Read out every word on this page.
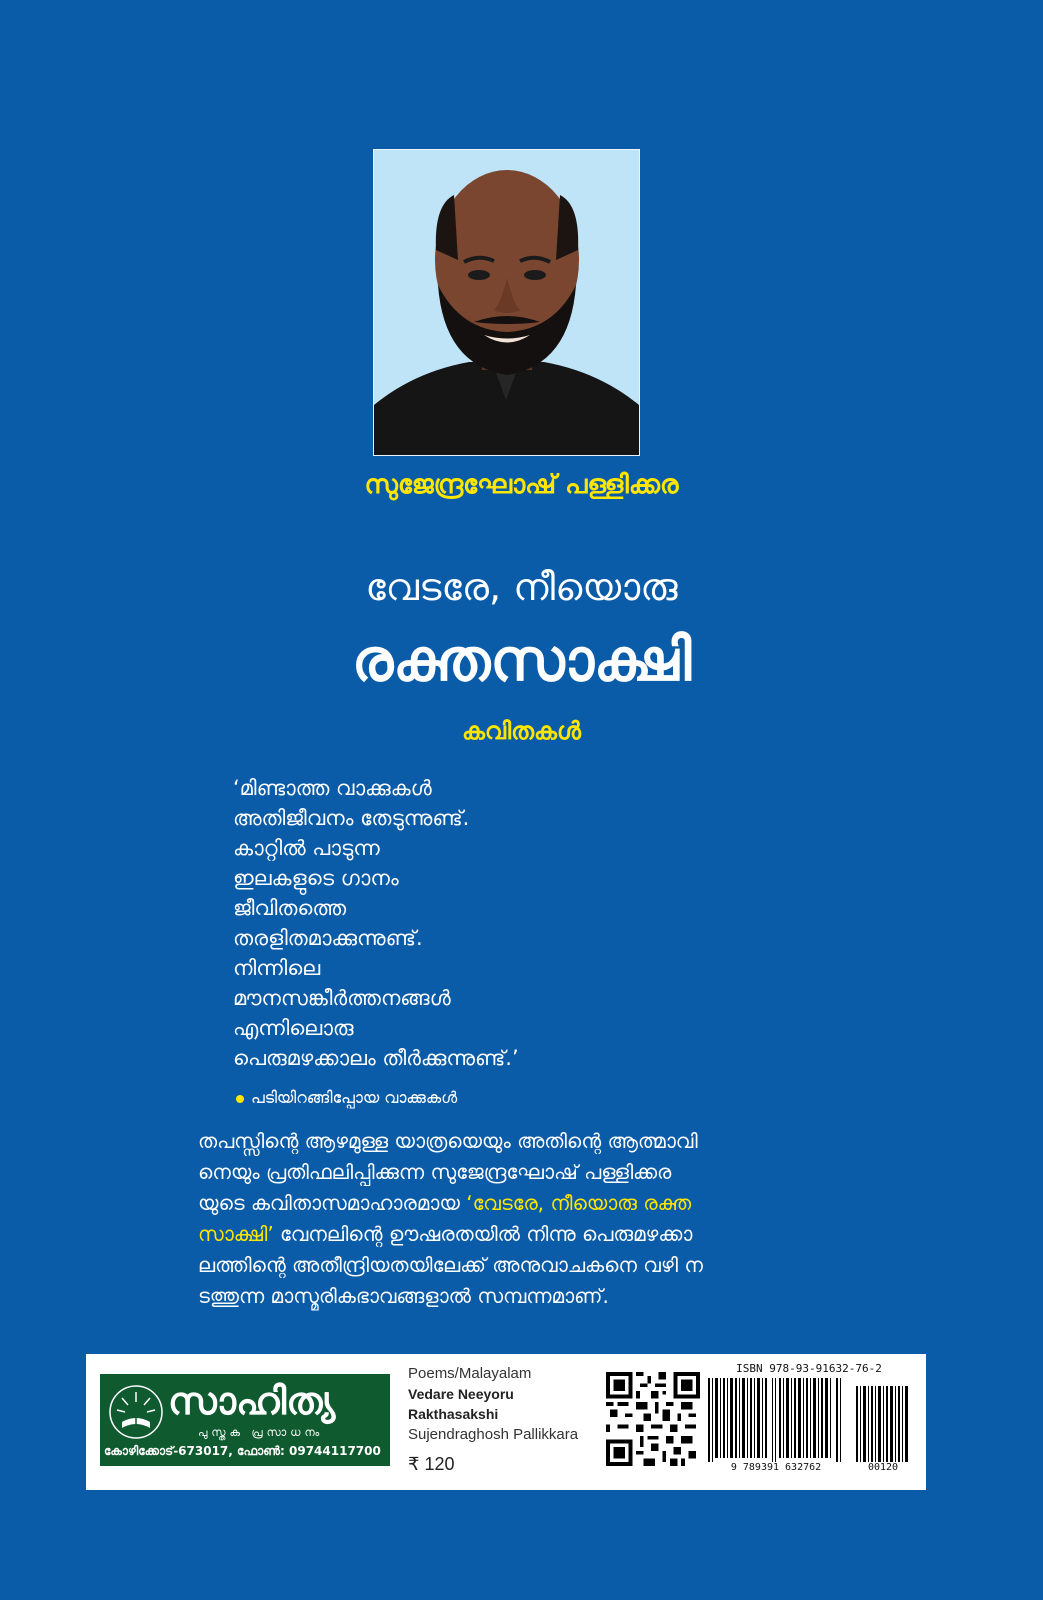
സുജേന്ദ്രഘോഷ് പള്ളിക്കര
വേടരേ, നീയൊരു
രക്തസാക്ഷി
കവിതകൾ
‘മിണ്ടാത്ത വാക്കുകൾ
അതിജീവനം തേടുന്നുണ്ട്.
കാറ്റിൽ പാടുന്ന
ഇലകളുടെ ഗാനം
ജീവിതത്തെ
തരളിതമാക്കുന്നുണ്ട്.
നിന്നിലെ
മൗനസങ്കീർത്തനങ്ങൾ
എന്നിലൊരു
പെരുമഴക്കാലം തീർക്കുന്നുണ്ട്.’
പടിയിറങ്ങിപ്പോയ വാക്കുകൾ
തപസ്സിന്റെ ആഴമുള്ള യാത്രയെയും അതിന്റെ ആത്മാവി
നെയും പ്രതിഫലിപ്പിക്കുന്ന സുജേന്ദ്രഘോഷ് പള്ളിക്കര
യുടെ കവിതാസമാഹാരമായ ‘വേടരേ, നീയൊരു രക്ത
സാക്ഷി’ വേനലിന്റെ ഊഷരതയിൽ നിന്നു പെരുമഴക്കാ
ലത്തിന്റെ അതീന്ദ്രിയതയിലേക്ക് അനുവാചകനെ വഴി ന
ടത്തുന്ന മാസ്മരികഭാവങ്ങളാൽ സമ്പന്നമാണ്.
സാഹിത്യ
പുസ്തക പ്രസാധനം
കോഴിക്കോട്-673017, ഫോൺ: 09744117700
Poems/Malayalam
Vedare Neeyoru
Rakthasakshi
Sujendraghosh Pallikkara
₹ 120
ISBN 978-93-91632-76-2
9 789391 632762	00120
